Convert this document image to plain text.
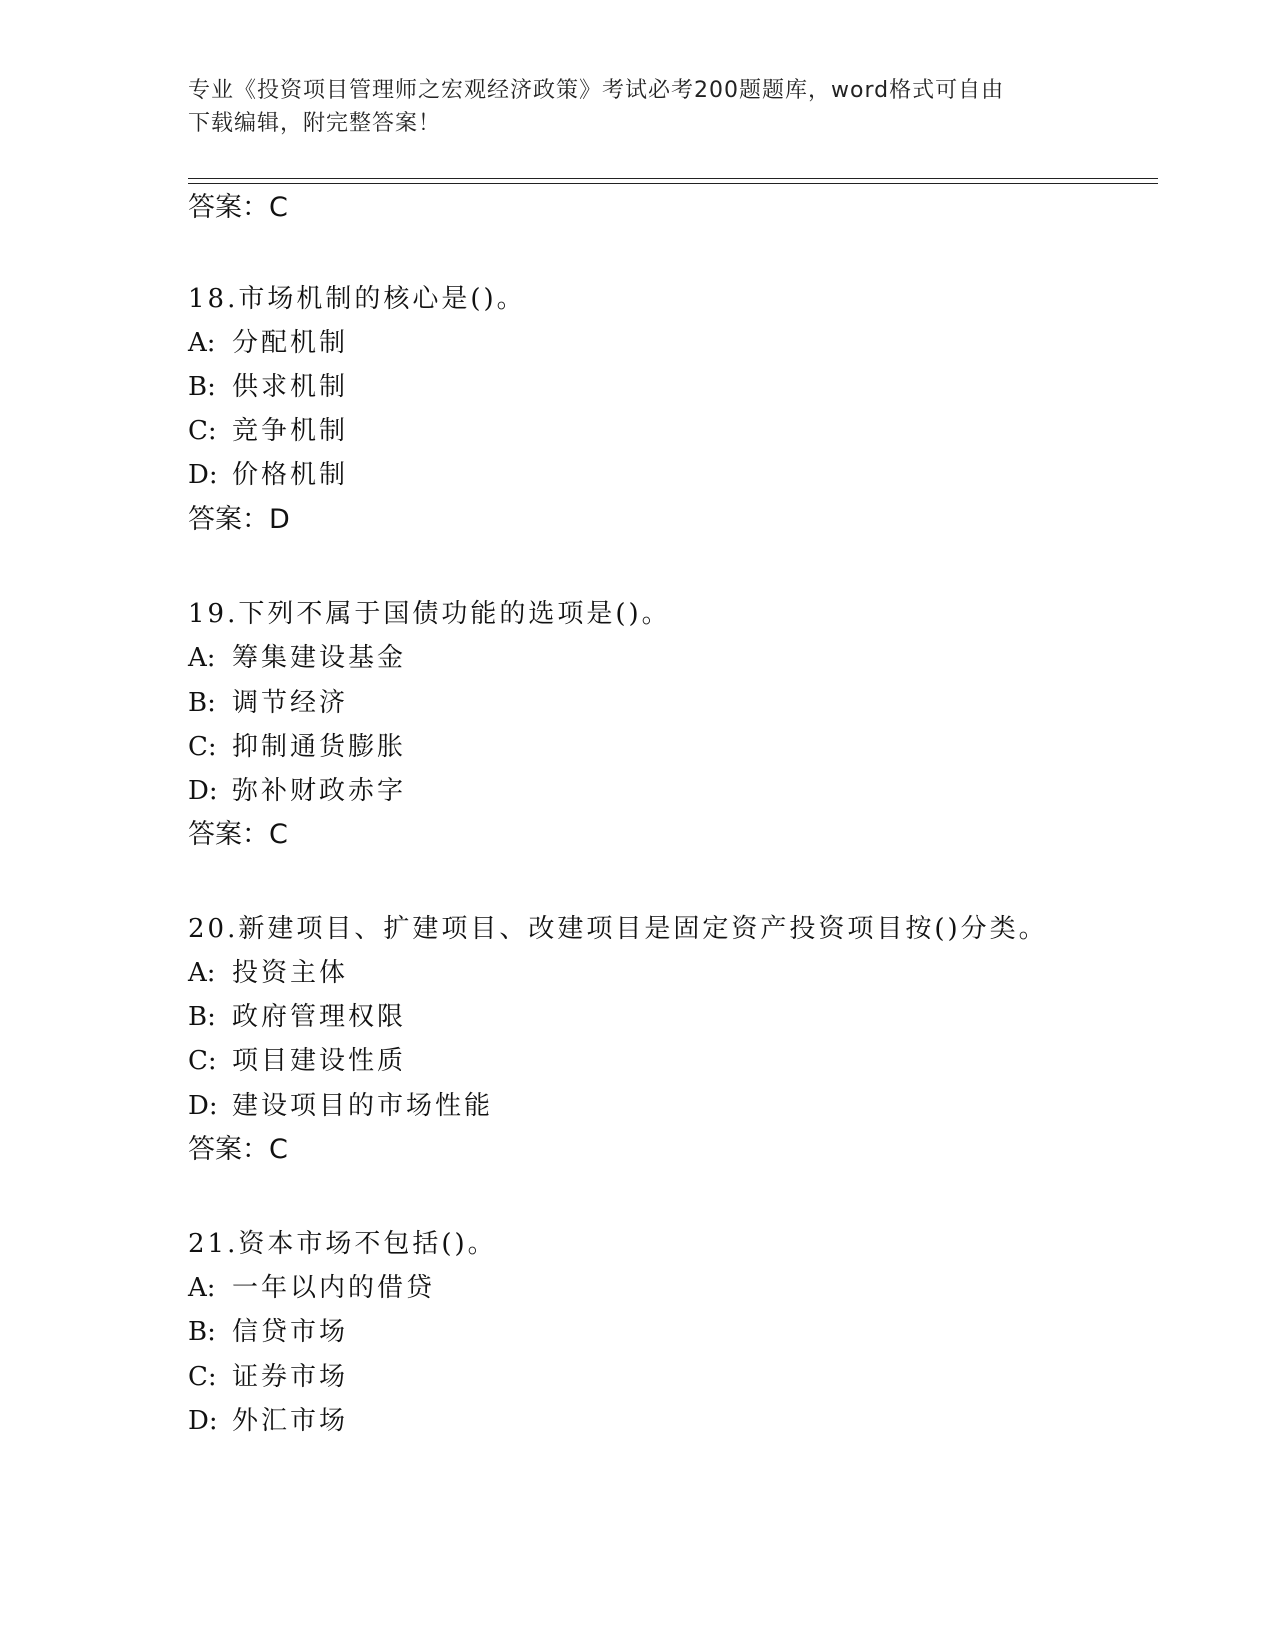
专业《投资项目管理师之宏观经济政策》考试必考200题题库，word格式可自由
下载编辑，附完整答案！
答案：C
18.市场机制的核心是()。
A: 分配机制
B: 供求机制
C: 竞争机制
D: 价格机制
答案：D
19.下列不属于国债功能的选项是()。
A: 筹集建设基金
B: 调节经济
C: 抑制通货膨胀
D: 弥补财政赤字
答案：C
20.新建项目、扩建项目、改建项目是固定资产投资项目按()分类。
A: 投资主体
B: 政府管理权限
C: 项目建设性质
D: 建设项目的市场性能
答案：C
21.资本市场不包括()。
A: 一年以内的借贷
B: 信贷市场
C: 证券市场
D: 外汇市场
